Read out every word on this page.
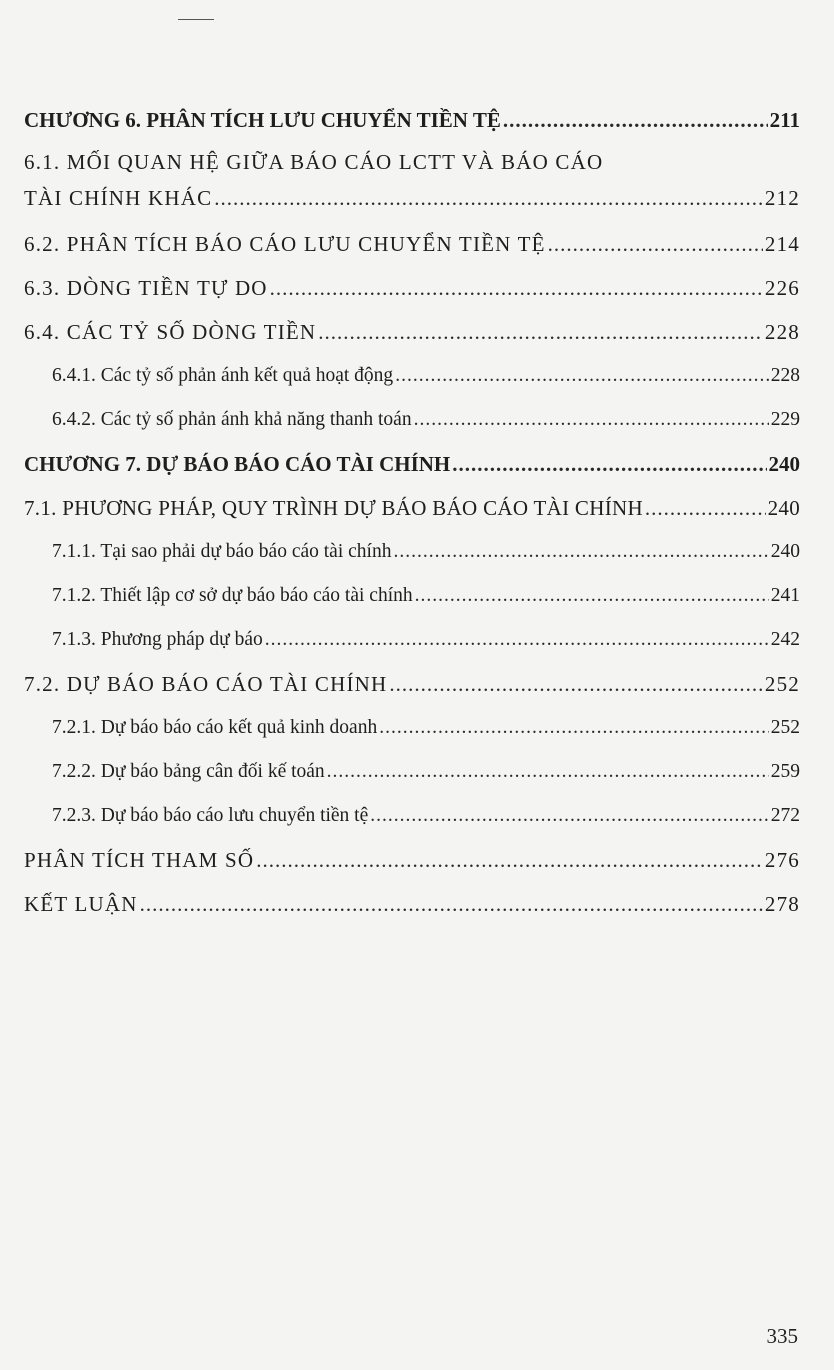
CHƯƠNG 6. PHÂN TÍCH LƯU CHUYỂN TIỀN TỆ .....	211
6.1. MỐI QUAN HỆ GIỮA BÁO CÁO LCTT VÀ BÁO CÁO
TÀI CHÍNH KHÁC .....	212
6.2. PHÂN TÍCH BÁO CÁO LƯU CHUYỂN TIỀN TỆ .....	214
6.3. DÒNG TIỀN TỰ DO .....	226
6.4. CÁC TỶ SỐ DÒNG TIỀN .....	228
6.4.1. Các tỷ số phản ánh kết quả hoạt động .....	228
6.4.2. Các tỷ số phản ánh khả năng thanh toán .....	229
CHƯƠNG 7. DỰ BÁO BÁO CÁO TÀI CHÍNH .....	240
7.1. PHƯƠNG PHÁP, QUY TRÌNH DỰ BÁO BÁO CÁO TÀI CHÍNH .....	240
7.1.1. Tại sao phải dự báo báo cáo tài chính .....	240
7.1.2. Thiết lập cơ sở dự báo báo cáo tài chính .....	241
7.1.3. Phương pháp dự báo .....	242
7.2. DỰ BÁO BÁO CÁO TÀI CHÍNH .....	252
7.2.1. Dự báo báo cáo kết quả kinh doanh .....	252
7.2.2. Dự báo bảng cân đối kế toán .....	259
7.2.3. Dự báo báo cáo lưu chuyển tiền tệ .....	272
PHÂN TÍCH THAM SỐ .....	276
KẾT LUẬN .....	278
335
